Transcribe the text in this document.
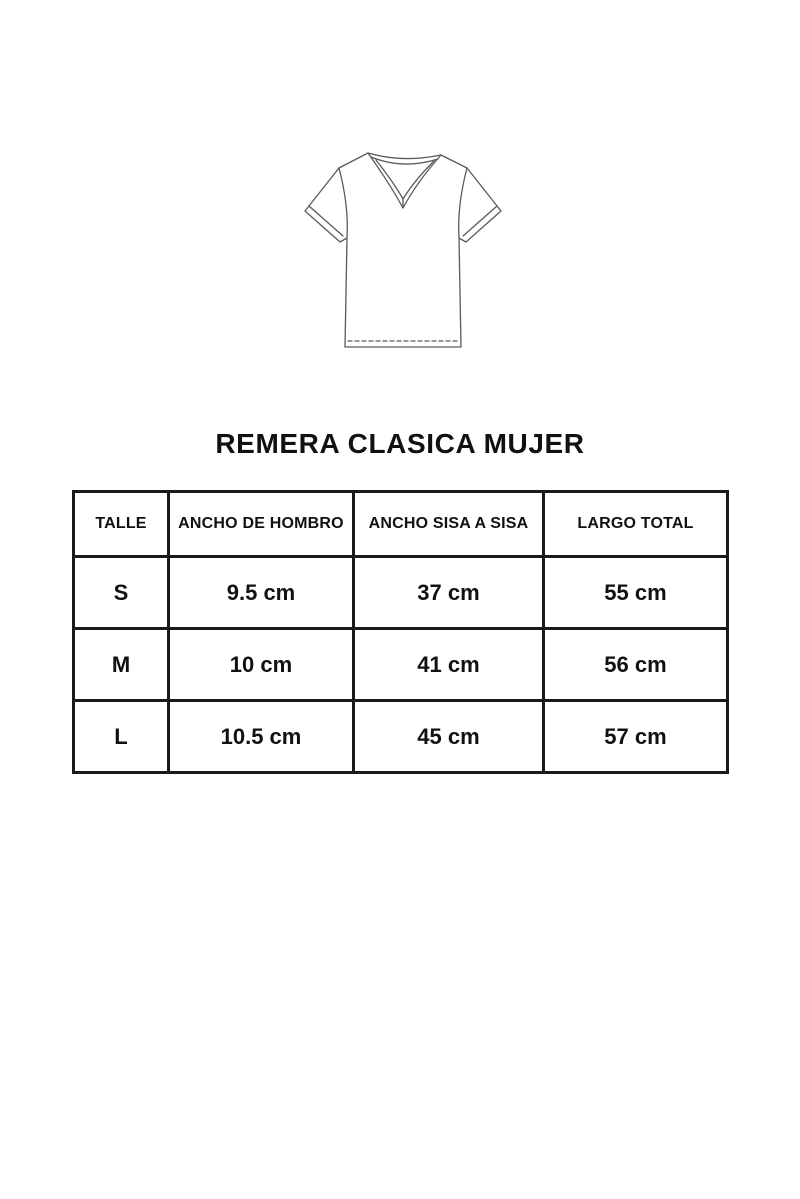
REMERA CLASICA MUJER
TALLE	ANCHO DE HOMBRO	ANCHO SISA A SISA	LARGO TOTAL
S	9.5 cm	37 cm	55 cm
M	10 cm	41 cm	56 cm
L	10.5 cm	45 cm	57 cm
